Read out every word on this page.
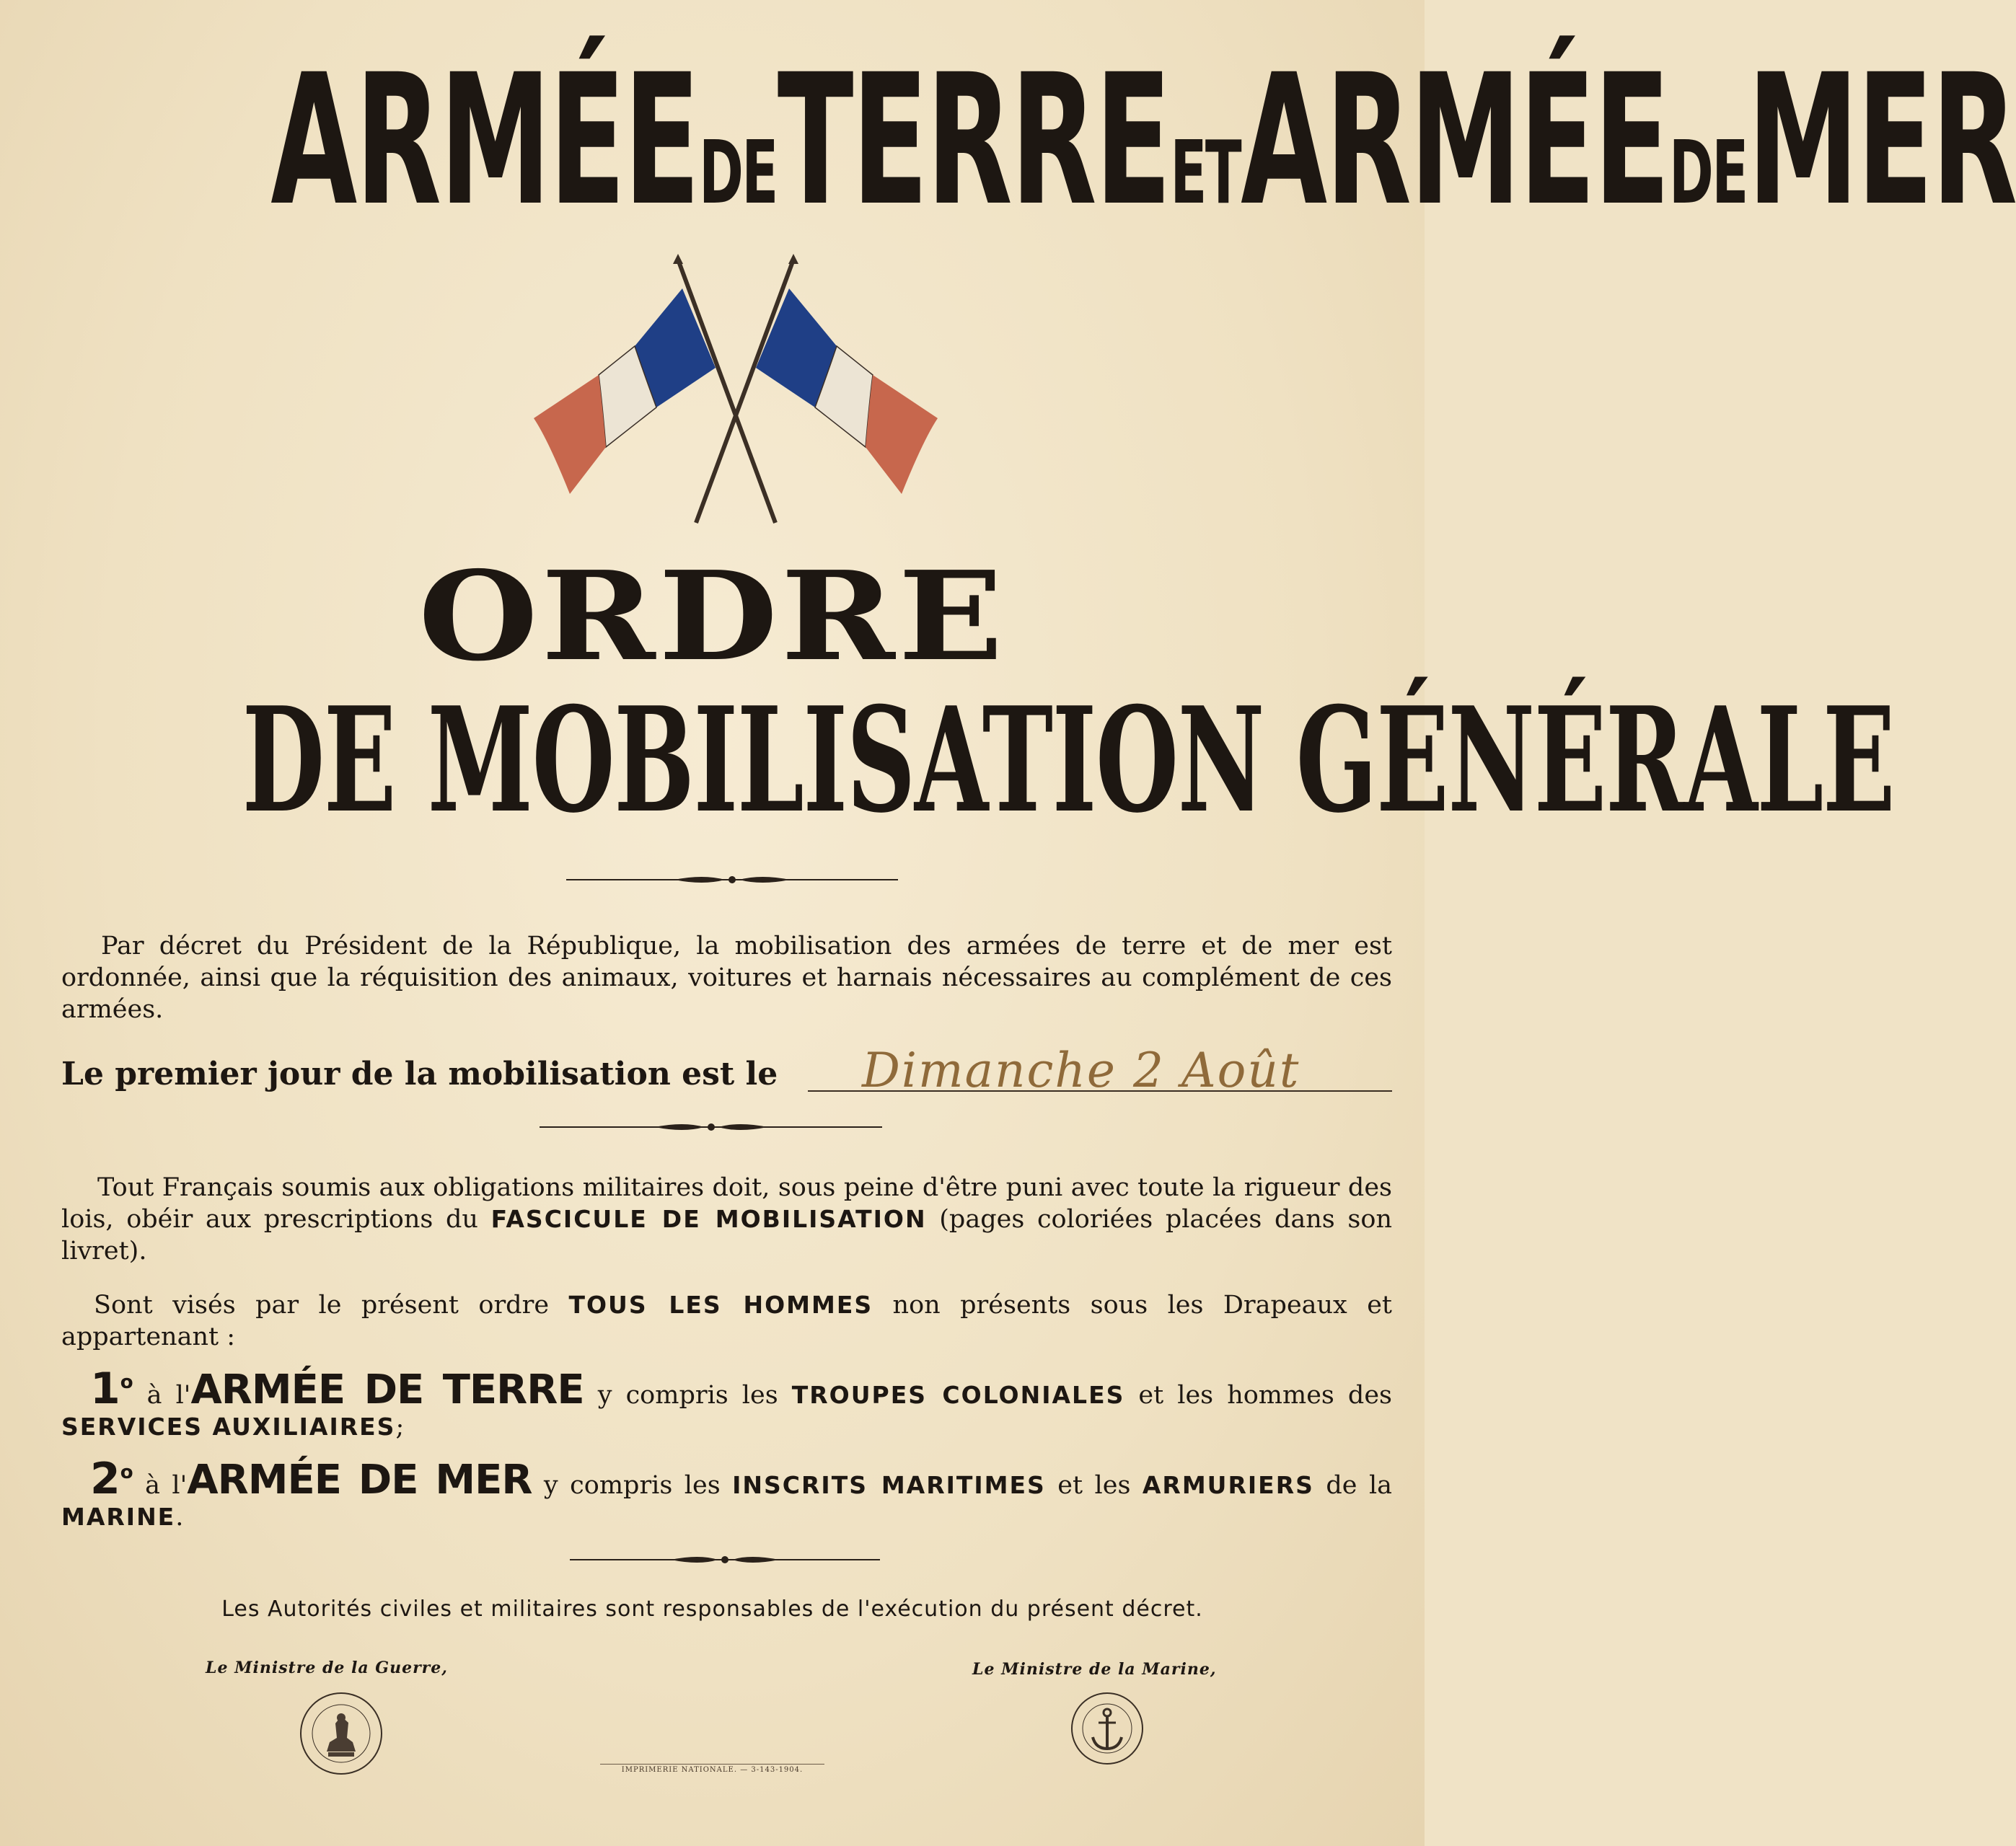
ARMÉE DE TERRE ET ARMÉE DE MER
ORDRE
DE MOBILISATION GÉNÉRALE
Par décret du Président de la République, la mobilisation des armées de terre et de mer est ordonnée, ainsi que la réquisition des animaux, voitures et harnais nécessaires au complément de ces armées.
Le premier jour de la mobilisation est le Dimanche 2 Août
Tout Français soumis aux obligations militaires doit, sous peine d'être puni avec toute la rigueur des lois, obéir aux prescriptions du FASCICULE DE MOBILISATION (pages coloriées placées dans son livret).
Sont visés par le présent ordre TOUS LES HOMMES non présents sous les Drapeaux et appartenant :
1$^o$ à l'ARMÉE DE TERRE y compris les TROUPES COLONIALES et les hommes des SERVICES AUXILIAIRES;
2$^o$ à l'ARMÉE DE MER y compris les INSCRITS MARITIMES et les ARMURIERS de la MARINE.
Les Autorités civiles et militaires sont responsables de l'exécution du présent décret.
Le Ministre de la Guerre,	Le Ministre de la Marine,
IMPRIMERIE NATIONALE. — 3-143-1904.
